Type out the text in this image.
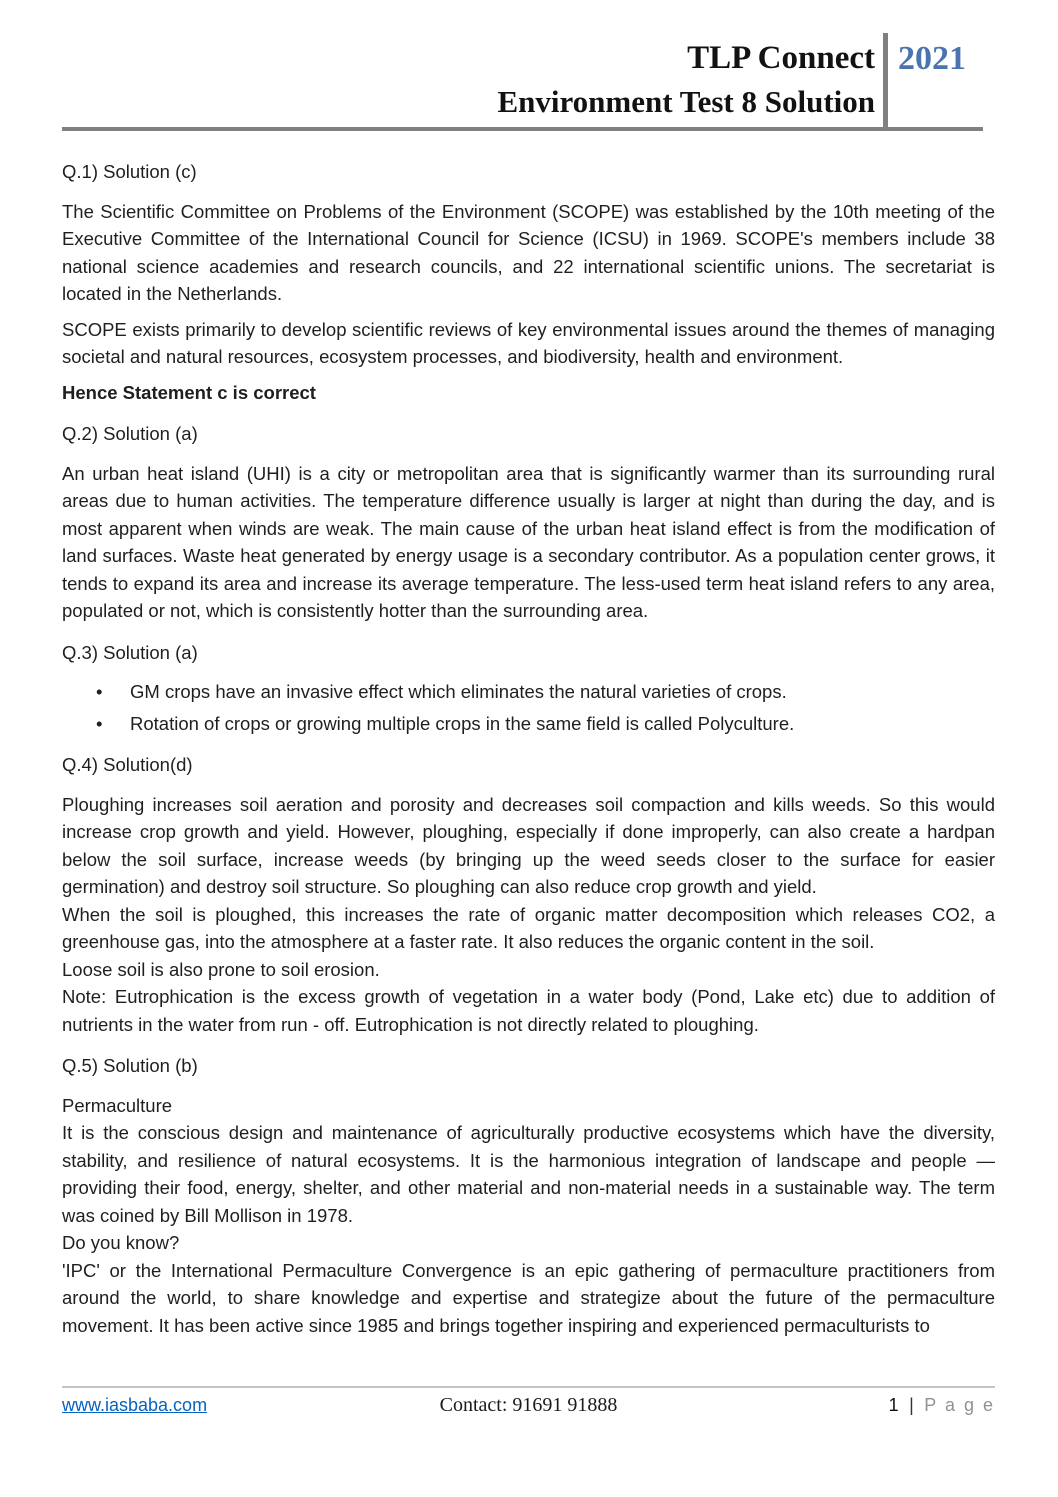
TLP Connect
Environment Test 8 Solution
2021
Q.1) Solution (c)
The Scientific Committee on Problems of the Environment (SCOPE) was established by the 10th meeting of the Executive Committee of the International Council for Science (ICSU) in 1969. SCOPE's members include 38 national science academies and research councils, and 22 international scientific unions. The secretariat is located in the Netherlands.
SCOPE exists primarily to develop scientific reviews of key environmental issues around the themes of managing societal and natural resources, ecosystem processes, and biodiversity, health and environment.
Hence Statement c is correct
Q.2) Solution (a)
An urban heat island (UHI) is a city or metropolitan area that is significantly warmer than its surrounding rural areas due to human activities. The temperature difference usually is larger at night than during the day, and is most apparent when winds are weak. The main cause of the urban heat island effect is from the modification of land surfaces. Waste heat generated by energy usage is a secondary contributor. As a population center grows, it tends to expand its area and increase its average temperature. The less-used term heat island refers to any area, populated or not, which is consistently hotter than the surrounding area.
Q.3) Solution (a)
•	GM crops have an invasive effect which eliminates the natural varieties of crops.
•	Rotation of crops or growing multiple crops in the same field is called Polyculture.
Q.4) Solution(d)
Ploughing increases soil aeration and porosity and decreases soil compaction and kills weeds. So this would increase crop growth and yield. However, ploughing, especially if done improperly, can also create a hardpan below the soil surface, increase weeds (by bringing up the weed seeds closer to the surface for easier germination) and destroy soil structure. So ploughing can also reduce crop growth and yield.
When the soil is ploughed, this increases the rate of organic matter decomposition which releases CO2, a greenhouse gas, into the atmosphere at a faster rate. It also reduces the organic content in the soil.
Loose soil is also prone to soil erosion.
Note: Eutrophication is the excess growth of vegetation in a water body (Pond, Lake etc) due to addition of nutrients in the water from run - off. Eutrophication is not directly related to ploughing.
Q.5) Solution (b)
Permaculture
It is the conscious design and maintenance of agriculturally productive ecosystems which have the diversity, stability, and resilience of natural ecosystems. It is the harmonious integration of landscape and people — providing their food, energy, shelter, and other material and non-material needs in a sustainable way. The term was coined by Bill Mollison in 1978.
Do you know?
'IPC' or the International Permaculture Convergence is an epic gathering of permaculture practitioners from around the world, to share knowledge and expertise and strategize about the future of the permaculture movement. It has been active since 1985 and brings together inspiring and experienced permaculturists to
www.iasbaba.com	Contact: 91691 91888	1 | P a g e
